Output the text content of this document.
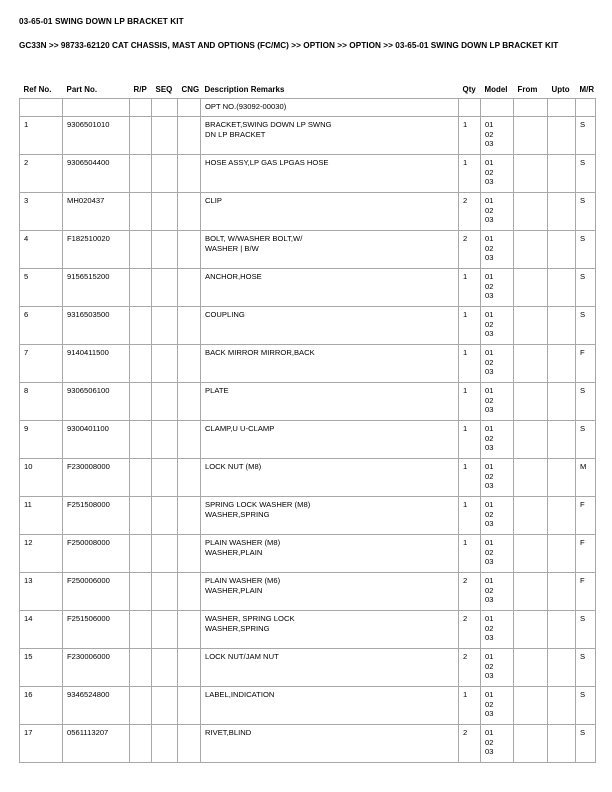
03-65-01 SWING DOWN LP BRACKET KIT
GC33N >> 98733-62120 CAT CHASSIS, MAST AND OPTIONS (FC/MC) >> OPTION >> OPTION >> 03-65-01 SWING DOWN LP BRACKET KIT
Ref No.	Part No.	R/P	SEQ	CNG	Description Remarks	Qty	Model	From	Upto	M/R
					OPT NO.(93092-00030)					
1	9306501010				BRACKET,SWING DOWN LP SWNG
DN LP BRACKET	1	01
02
03			S
2	9306504400				HOSE ASSY,LP GAS LPGAS HOSE	1	01
02
03			S
3	MH020437				CLIP	2	01
02
03			S
4	F182510020				BOLT, W/WASHER BOLT,W/
WASHER | B/W	2	01
02
03			S
5	9156515200				ANCHOR,HOSE	1	01
02
03			S
6	9316503500				COUPLING	1	01
02
03			S
7	9140411500				BACK MIRROR MIRROR,BACK	1	01
02
03			F
8	9306506100				PLATE	1	01
02
03			S
9	9300401100				CLAMP,U U-CLAMP	1	01
02
03			S
10	F230008000				LOCK NUT (M8)	1	01
02
03			M
11	F251508000				SPRING LOCK WASHER (M8)
WASHER,SPRING	1	01
02
03			F
12	F250008000				PLAIN WASHER (M8)
WASHER,PLAIN	1	01
02
03			F
13	F250006000				PLAIN WASHER (M6)
WASHER,PLAIN	2	01
02
03			F
14	F251506000				WASHER, SPRING LOCK
WASHER,SPRING	2	01
02
03			S
15	F230006000				LOCK NUT/JAM NUT	2	01
02
03			S
16	9346524800				LABEL,INDICATION	1	01
02
03			S
17	0561113207				RIVET,BLIND	2	01
02
03			S
